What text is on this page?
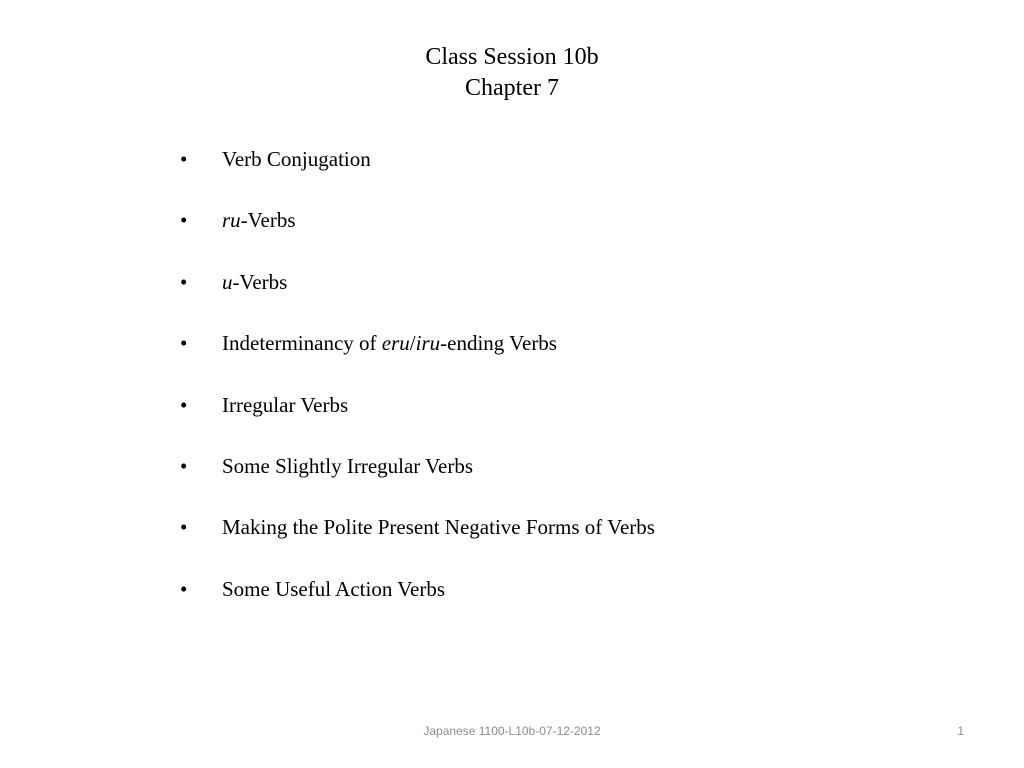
Class Session 10b
Chapter 7
•	Verb Conjugation
•	ru-Verbs
•	u-Verbs
•	Indeterminancy of eru/iru-ending Verbs
•	Irregular Verbs
•	Some Slightly Irregular Verbs
•	Making the Polite Present Negative Forms of Verbs
•	Some Useful Action Verbs
Japanese 1100-L10b-07-12-2012	1
